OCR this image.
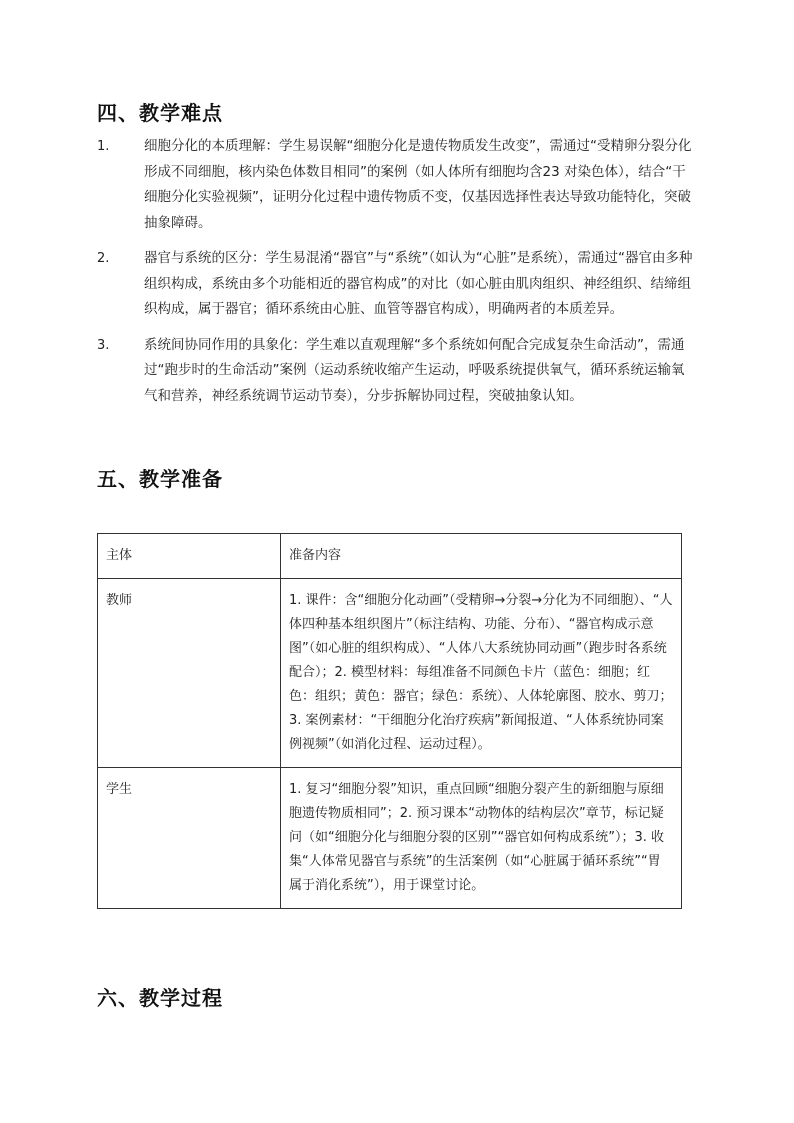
四、教学难点
1.	细胞分化的本质理解：学生易误解“细胞分化是遗传物质发生改变”，需通过“受精卵分裂分化形成不同细胞，核内染色体数目相同”的案例（如人体所有细胞均含23 对染色体），结合“干细胞分化实验视频”，证明分化过程中遗传物质不变，仅基因选择性表达导致功能特化，突破抽象障碍。
2.	器官与系统的区分：学生易混淆“器官”与“系统”（如认为“心脏”是系统），需通过“器官由多种组织构成，系统由多个功能相近的器官构成”的对比（如心脏由肌肉组织、神经组织、结缔组织构成，属于器官；循环系统由心脏、血管等器官构成），明确两者的本质差异。
3.	系统间协同作用的具象化：学生难以直观理解“多个系统如何配合完成复杂生命活动”，需通过“跑步时的生命活动”案例（运动系统收缩产生运动，呼吸系统提供氧气，循环系统运输氧气和营养，神经系统调节运动节奏），分步拆解协同过程，突破抽象认知。
五、教学准备
主体	准备内容
教师	1. 课件：含“细胞分化动画”（受精卵→分裂→分化为不同细胞）、“人体四种基本组织图片”（标注结构、功能、分布）、“器官构成示意图”（如心脏的组织构成）、“人体八大系统协同动画”（跑步时各系统配合）；2. 模型材料：每组准备不同颜色卡片（蓝色：细胞；红色：组织；黄色：器官；绿色：系统）、人体轮廓图、胶水、剪刀；3. 案例素材：“干细胞分化治疗疾病”新闻报道、“人体系统协同案例视频”（如消化过程、运动过程）。
学生	1. 复习“细胞分裂”知识，重点回顾“细胞分裂产生的新细胞与原细胞遗传物质相同”；2. 预习课本“动物体的结构层次”章节，标记疑问（如“细胞分化与细胞分裂的区别”“器官如何构成系统”）；3. 收集“人体常见器官与系统”的生活案例（如“心脏属于循环系统”“胃属于消化系统”），用于课堂讨论。
六、教学过程
